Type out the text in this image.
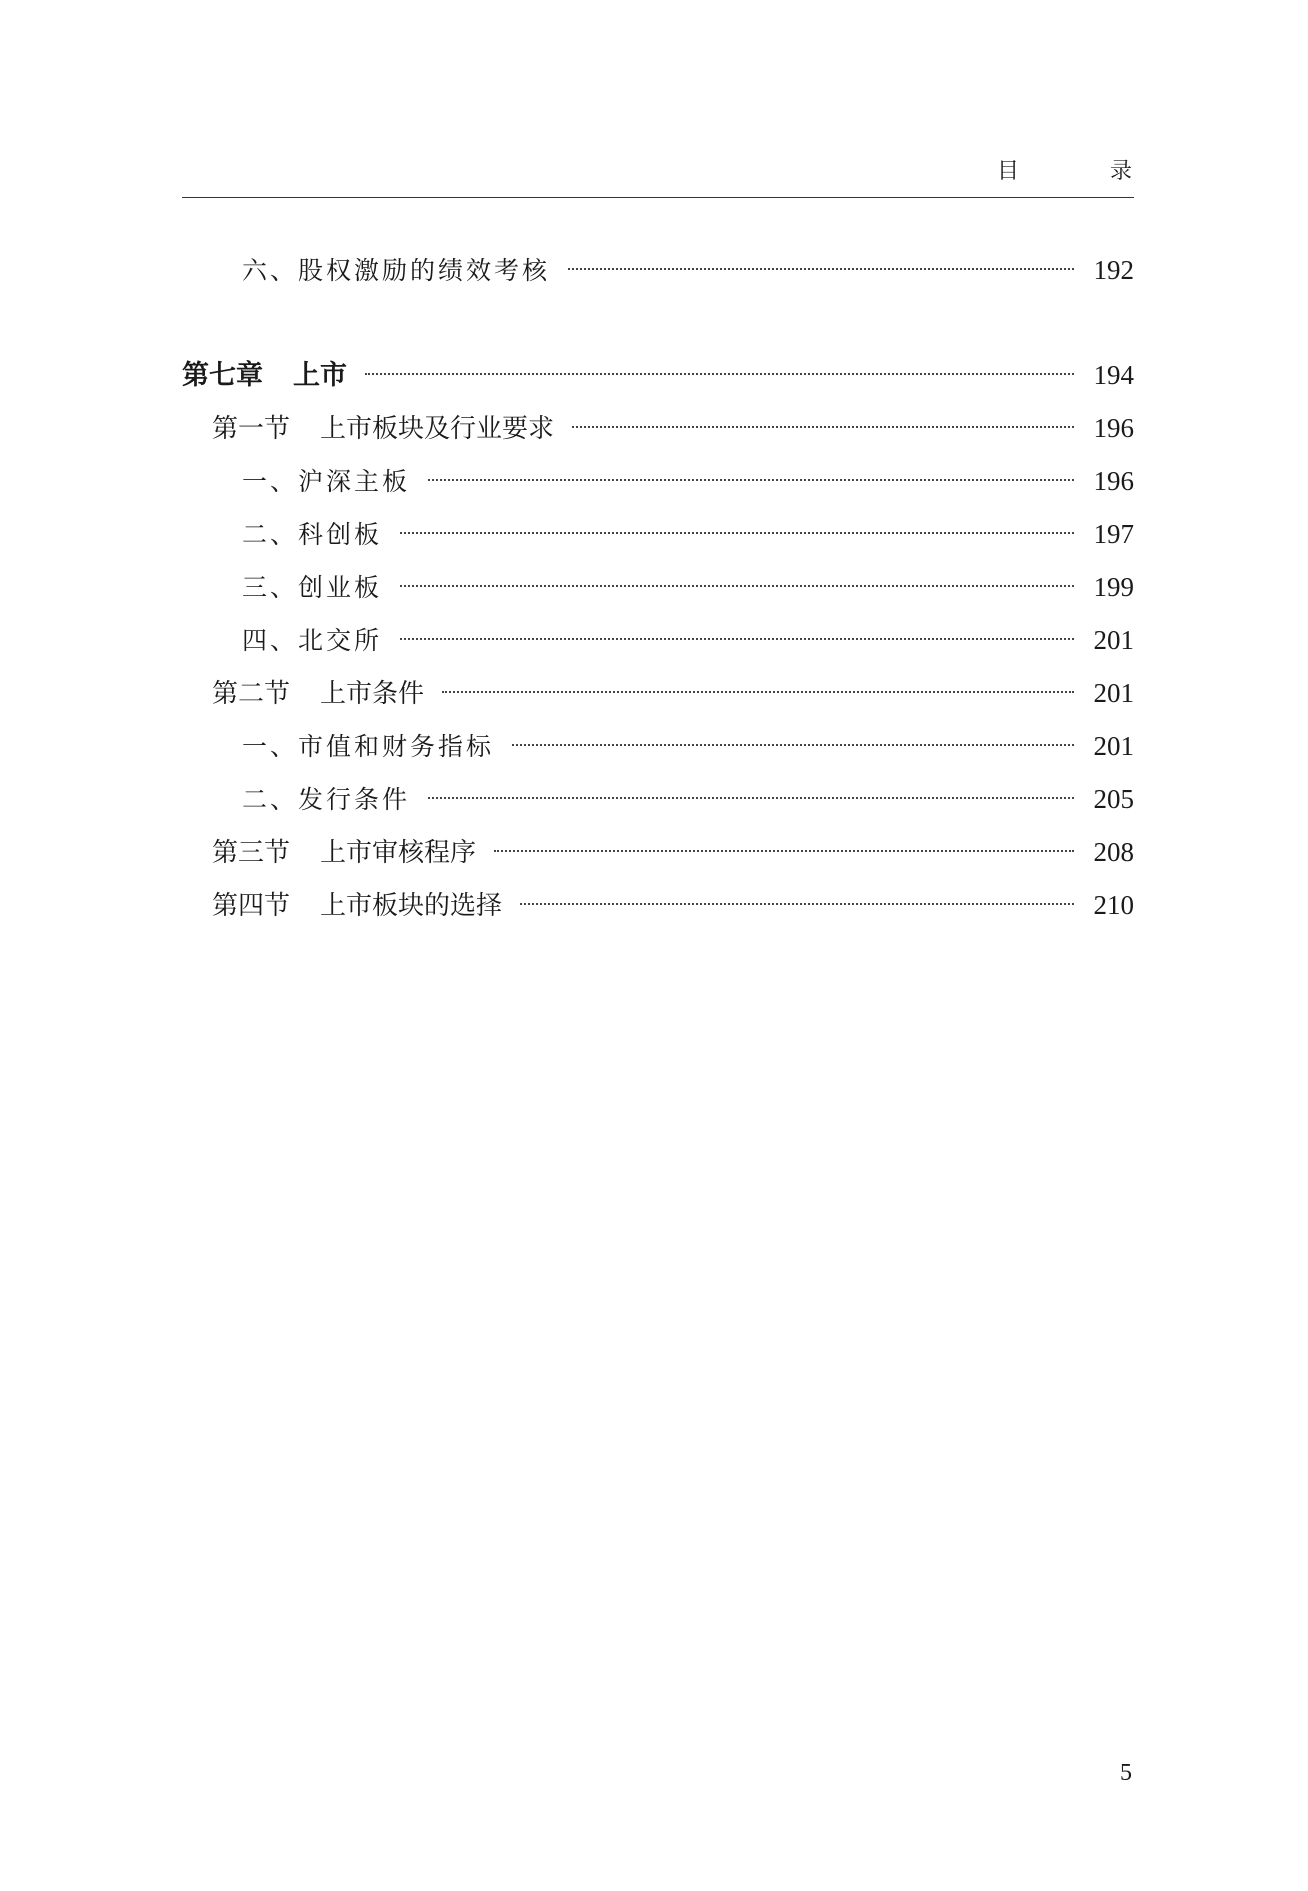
目 录
六、股权激励的绩效考核	192
第七章 上市	194
第一节 上市板块及行业要求	196
一、沪深主板	196
二、科创板	197
三、创业板	199
四、北交所	201
第二节 上市条件	201
一、市值和财务指标	201
二、发行条件	205
第三节 上市审核程序	208
第四节 上市板块的选择	210
5
